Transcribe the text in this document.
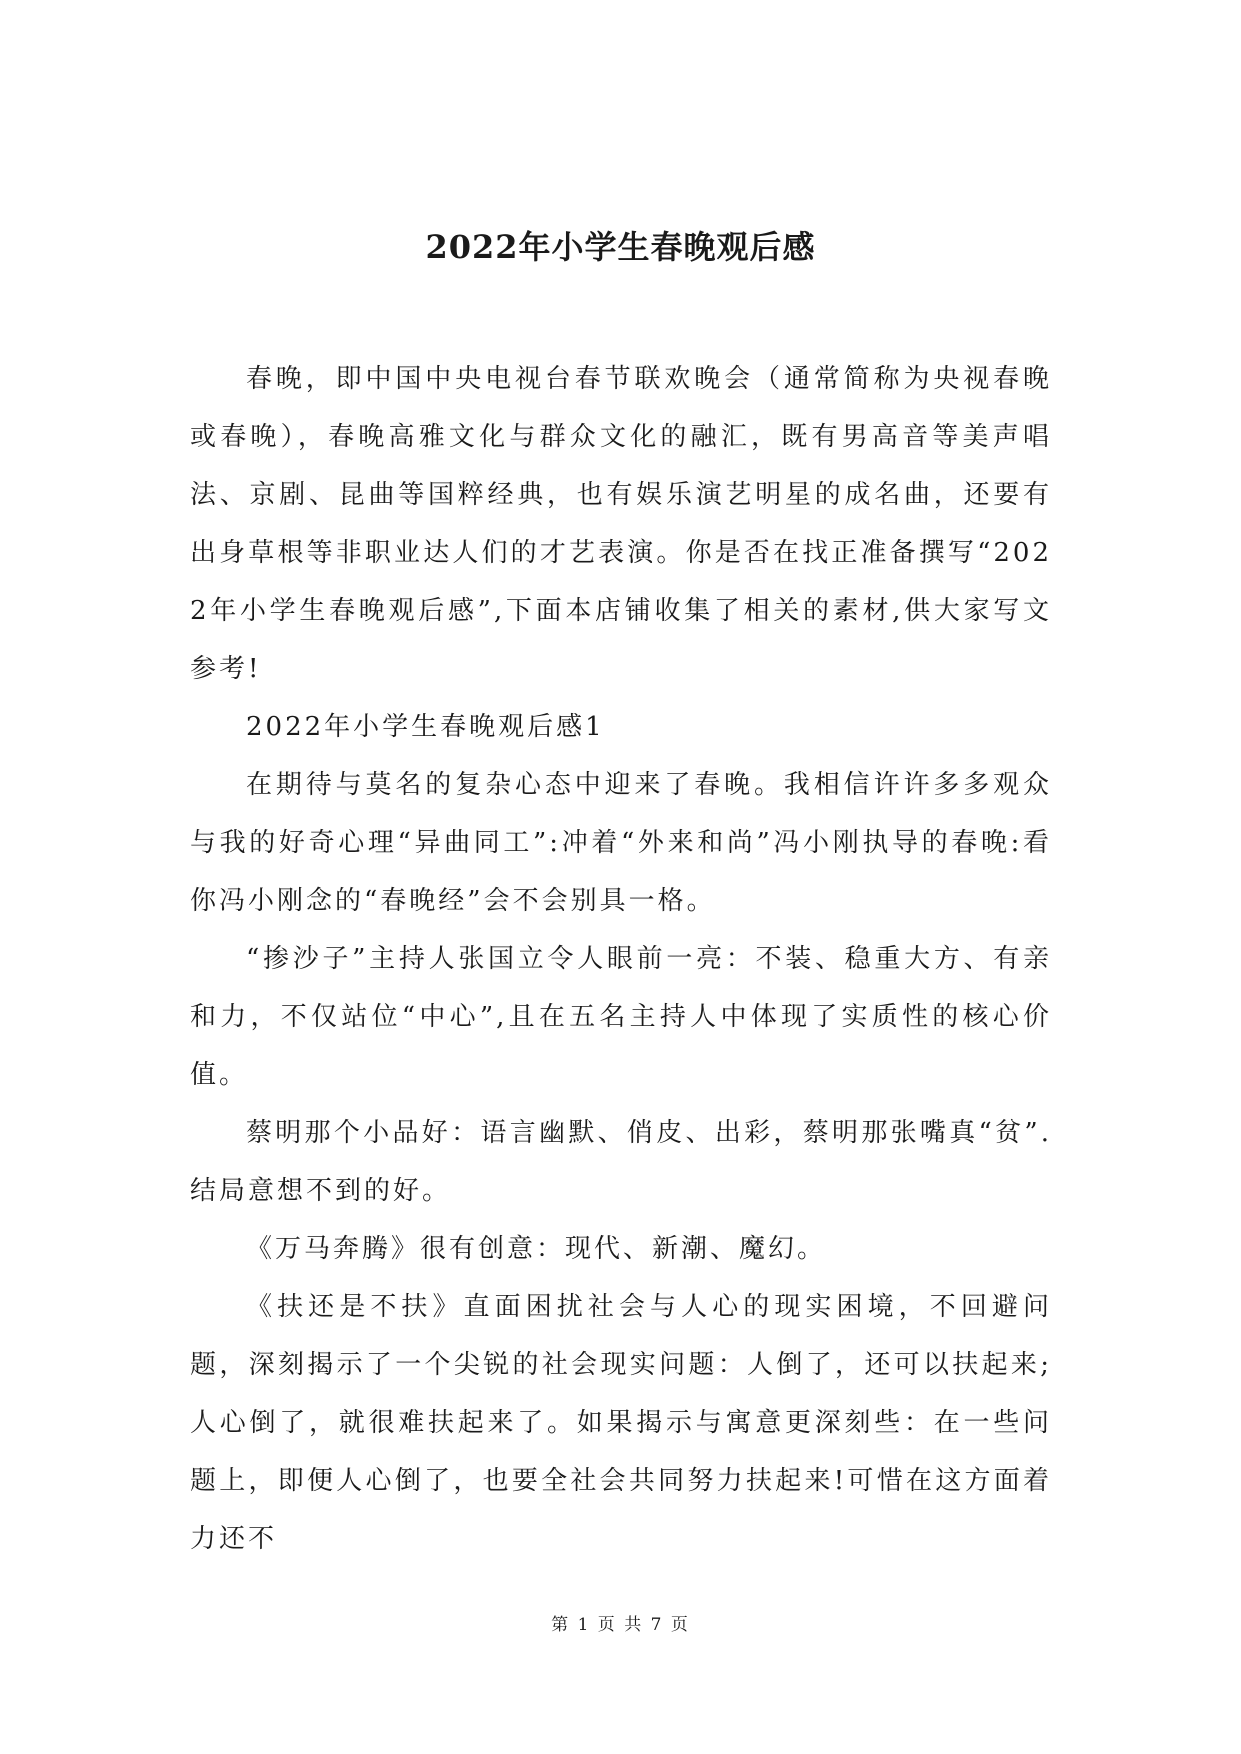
2022年小学生春晚观后感

春晚，即中国中央电视台春节联欢晚会（通常简称为央视春晚或春晚），春晚高雅文化与群众文化的融汇，既有男高音等美声唱法、京剧、昆曲等国粹经典，也有娱乐演艺明星的成名曲，还要有出身草根等非职业达人们的才艺表演。你是否在找正准备撰写“2022年小学生春晚观后感”,下面本店铺收集了相关的素材,供大家写文参考!

2022年小学生春晚观后感1

在期待与莫名的复杂心态中迎来了春晚。我相信许许多多观众与我的好奇心理“异曲同工”:冲着“外来和尚”冯小刚执导的春晚:看你冯小刚念的“春晚经”会不会别具一格。

“掺沙子”主持人张国立令人眼前一亮：不装、稳重大方、有亲和力，不仅站位“中心”,且在五名主持人中体现了实质性的核心价值。

蔡明那个小品好：语言幽默、俏皮、出彩，蔡明那张嘴真“贫”.结局意想不到的好。

《万马奔腾》很有创意：现代、新潮、魔幻。

《扶还是不扶》直面困扰社会与人心的现实困境，不回避问题，深刻揭示了一个尖锐的社会现实问题：人倒了，还可以扶起来;人心倒了，就很难扶起来了。如果揭示与寓意更深刻些：在一些问题上，即便人心倒了，也要全社会共同努力扶起来!可惜在这方面着力还不

第 1 页 共 7 页
